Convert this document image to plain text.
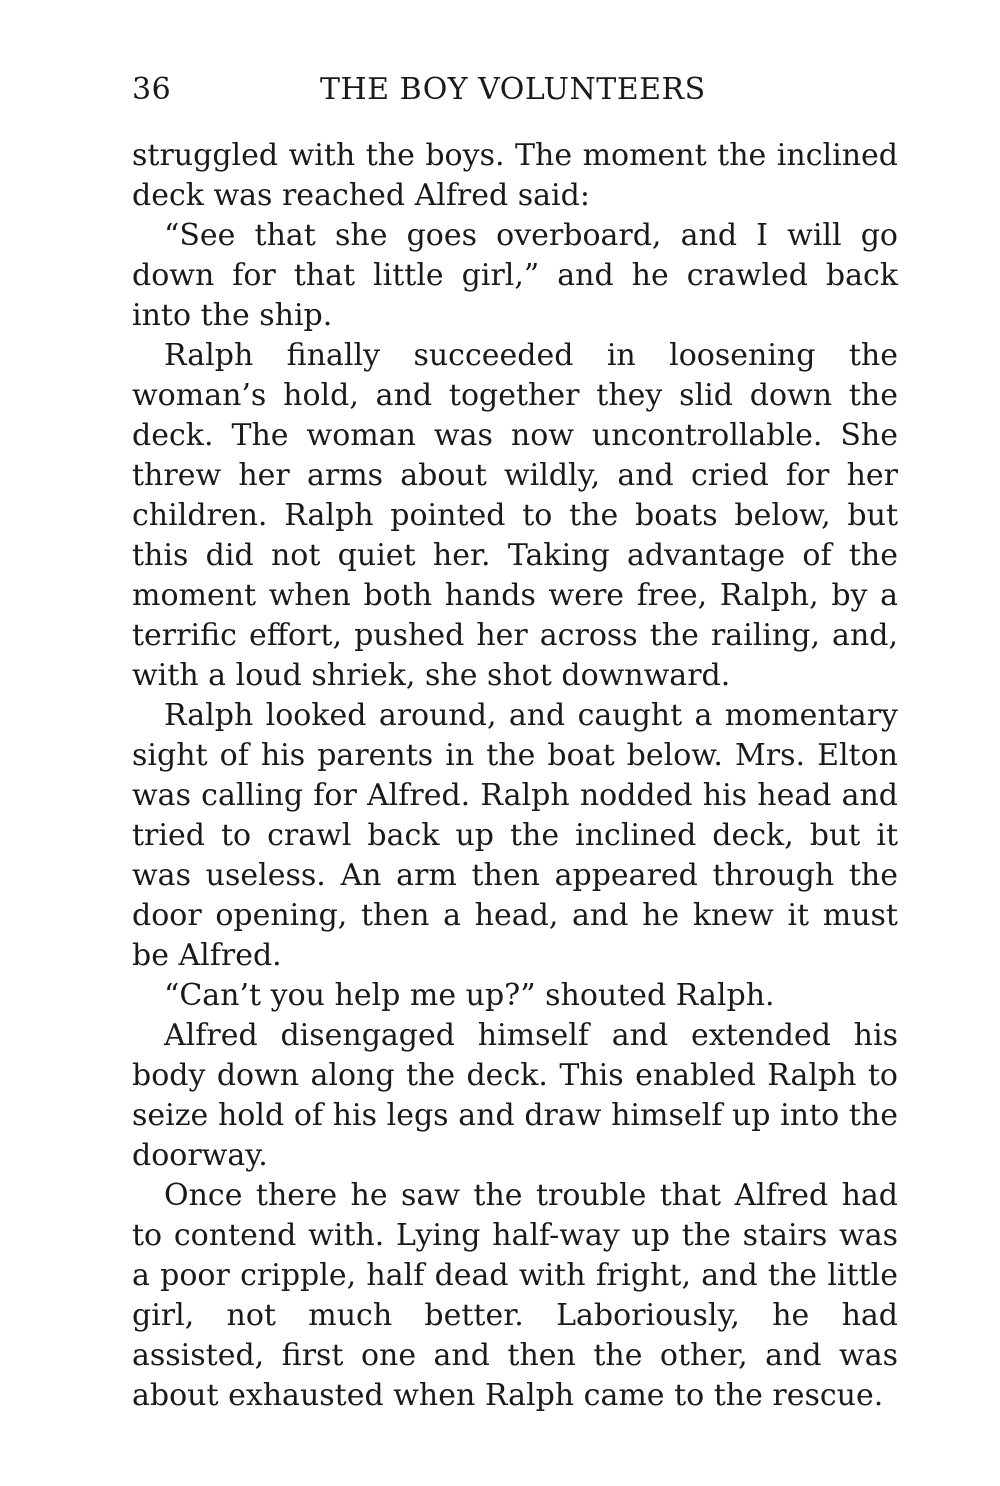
36	THE BOY VOLUNTEERS

struggled with the boys. The moment the inclined deck was reached Alfred said:

“See that she goes overboard, and I will go down for that little girl,” and he crawled back into the ship.

Ralph finally succeeded in loosening the woman’s hold, and together they slid down the deck. The woman was now uncontrollable. She threw her arms about wildly, and cried for her children. Ralph pointed to the boats below, but this did not quiet her. Taking advantage of the moment when both hands were free, Ralph, by a terrific effort, pushed her across the railing, and, with a loud shriek, she shot downward.

Ralph looked around, and caught a momentary sight of his parents in the boat below. Mrs. Elton was calling for Alfred. Ralph nodded his head and tried to crawl back up the inclined deck, but it was useless. An arm then appeared through the door opening, then a head, and he knew it must be Alfred.

“Can’t you help me up?” shouted Ralph.

Alfred disengaged himself and extended his body down along the deck. This enabled Ralph to seize hold of his legs and draw himself up into the doorway.

Once there he saw the trouble that Alfred had to contend with. Lying half-way up the stairs was a poor cripple, half dead with fright, and the little girl, not much better. Laboriously, he had assisted, first one and then the other, and was about exhausted when Ralph came to the rescue.
